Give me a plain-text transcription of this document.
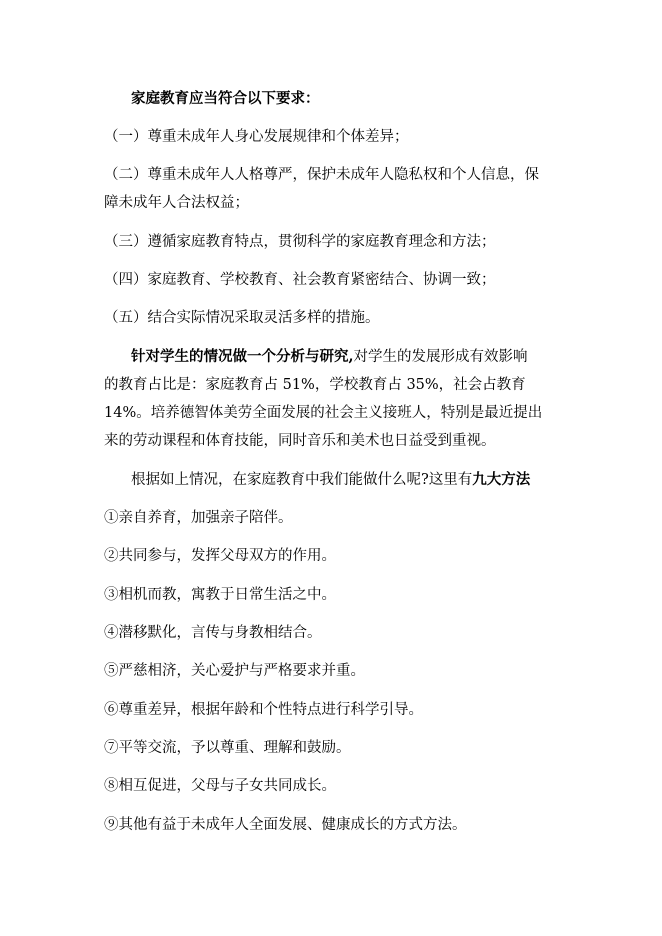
家庭教育应当符合以下要求：
（一）尊重未成年人身心发展规律和个体差异；
（二）尊重未成年人人格尊严，保护未成年人隐私权和个人信息，保
障未成年人合法权益；
（三）遵循家庭教育特点，贯彻科学的家庭教育理念和方法；
（四）家庭教育、学校教育、社会教育紧密结合、协调一致；
（五）结合实际情况采取灵活多样的措施。
针对学生的情况做一个分析与研究,对学生的发展形成有效影响
的教育占比是：家庭教育占 51%，学校教育占 35%，社会占教育
14%。培养德智体美劳全面发展的社会主义接班人，特别是最近提出
来的劳动课程和体育技能，同时音乐和美术也日益受到重视。
根据如上情况，在家庭教育中我们能做什么呢?这里有九大方法
①亲自养育，加强亲子陪伴。
②共同参与，发挥父母双方的作用。
③相机而教，寓教于日常生活之中。
④潜移默化，言传与身教相结合。
⑤严慈相济，关心爱护与严格要求并重。
⑥尊重差异，根据年龄和个性特点进行科学引导。
⑦平等交流，予以尊重、理解和鼓励。
⑧相互促进，父母与子女共同成长。
⑨其他有益于未成年人全面发展、健康成长的方式方法。
